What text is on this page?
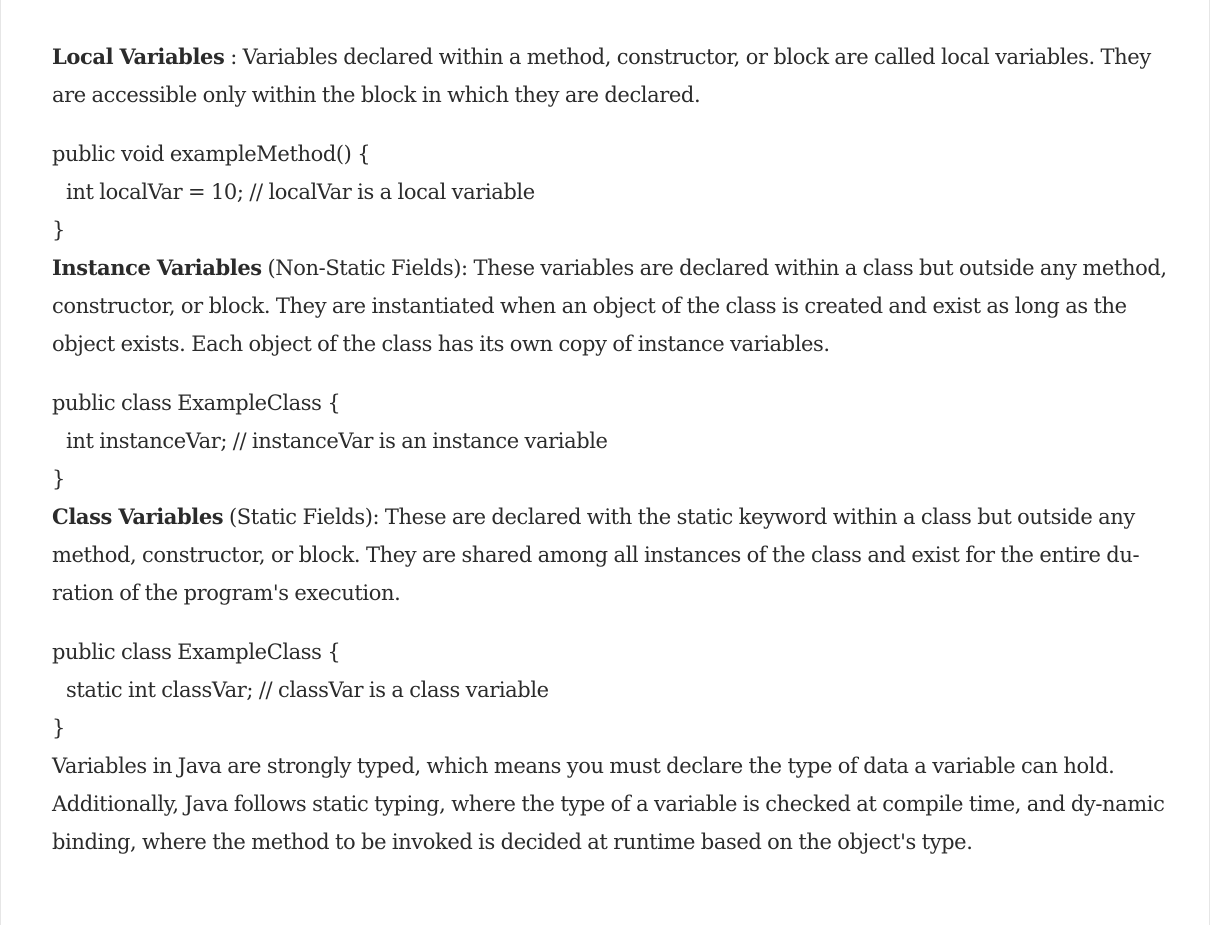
Local Variables : Variables declared within a method, constructor, or block are called local variables. They are accessible only within the block in which they are declared.

public void exampleMethod() {
int localVar = 10; // localVar is a local variable
}

Instance Variables (Non-Static Fields): These variables are declared within a class but outside any method, constructor, or block. They are instantiated when an object of the class is created and exist as long as the object exists. Each object of the class has its own copy of instance variables.

public class ExampleClass {
int instanceVar; // instanceVar is an instance variable
}

Class Variables (Static Fields): These are declared with the static keyword within a class but outside any method, constructor, or block. They are shared among all instances of the class and exist for the entire du-ration of the program's execution.

public class ExampleClass {
static int classVar; // classVar is a class variable
}

Variables in Java are strongly typed, which means you must declare the type of data a variable can hold. Additionally, Java follows static typing, where the type of a variable is checked at compile time, and dy-namic binding, where the method to be invoked is decided at runtime based on the object's type.
